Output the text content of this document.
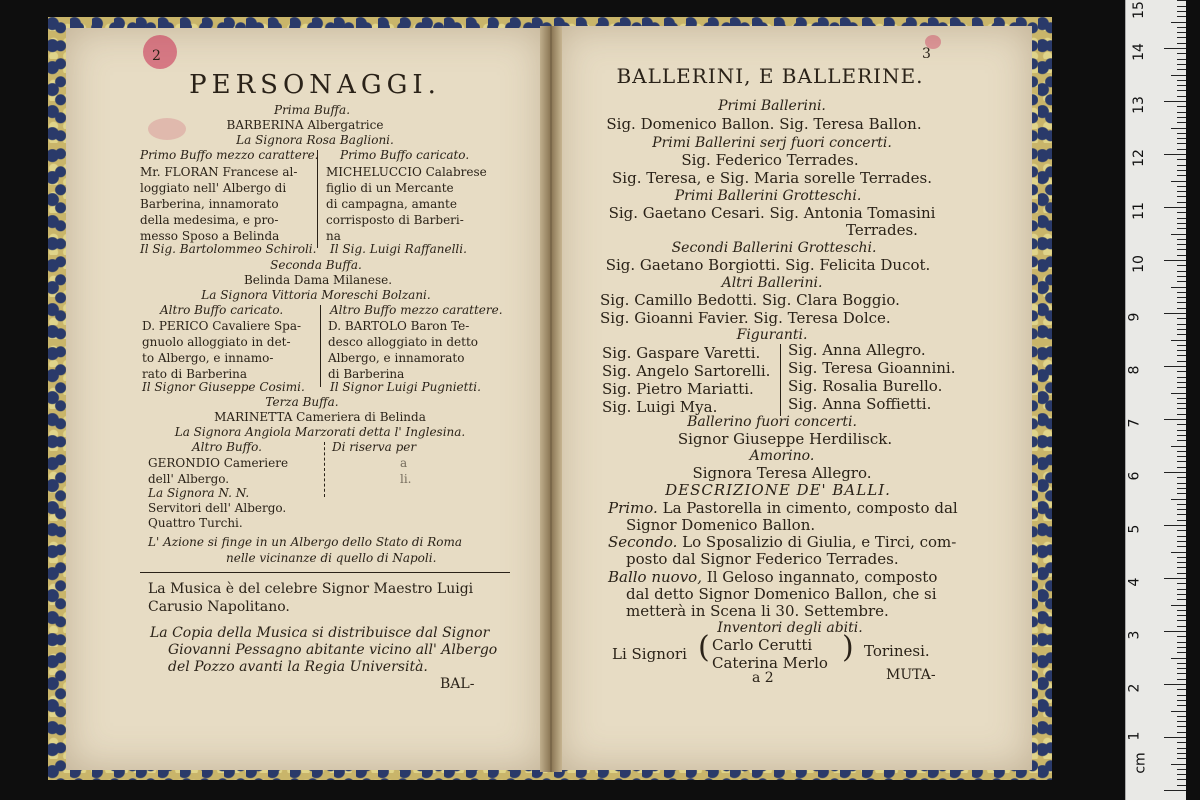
2
PERSONAGGI.
Prima Buffa.
BARBERINA Albergatrice
La Signora Rosa Baglioni.
Primo Buffo mezzo carattere.
Mr. FLORAN Francese al-
loggiato nell' Albergo di
Barberina, innamorato
della medesima, e pro-
messo Sposo a Belinda
Il Sig. Bartolommeo Schiroli.
Primo Buffo caricato.
MICHELUCCIO Calabrese
figlio di un Mercante
di campagna, amante
corrisposto di Barberi-
na
Il Sig. Luigi Raffanelli.
Seconda Buffa.
Belinda Dama Milanese.
La Signora Vittoria Moreschi Bolzani.
Altro Buffo caricato.
D. PERICO Cavaliere Spa-
gnuolo alloggiato in det-
to Albergo, e innamo-
rato di Barberina
Il Signor Giuseppe Cosimi.
Altro Buffo mezzo carattere.
D. BARTOLO Baron Te-
desco alloggiato in detto
Albergo, e innamorato
di Barberina
Il Signor Luigi Pugnietti.
Terza Buffa.
MARINETTA Cameriera di Belinda
La Signora Angiola Marzorati detta l' Inglesina.
Altro Buffo.
GERONDIO Cameriere
dell' Albergo.
La Signora N. N.
Di riserva per
a
li.
Servitori dell' Albergo.
Quattro Turchi.
L' Azione si finge in un Albergo dello Stato di Roma
nelle vicinanze di quello di Napoli.
La Musica è del celebre Signor Maestro Luigi
Carusio Napolitano.
La Copia della Musica si distribuisce dal Signor
Giovanni Pessagno abitante vicino all' Albergo
del Pozzo avanti la Regia Università.
BAL-
3
BALLERINI, E BALLERINE.
Primi Ballerini.
Sig. Domenico Ballon. Sig. Teresa Ballon.
Primi Ballerini serj fuori concerti.
Sig. Federico Terrades.
Sig. Teresa, e Sig. Maria sorelle Terrades.
Primi Ballerini Grotteschi.
Sig. Gaetano Cesari. Sig. Antonia Tomasini
Terrades.
Secondi Ballerini Grotteschi.
Sig. Gaetano Borgiotti. Sig. Felicita Ducot.
Altri Ballerini.
Sig. Camillo Bedotti. Sig. Clara Boggio.
Sig. Gioanni Favier. Sig. Teresa Dolce.
Figuranti.
Sig. Gaspare Varetti.
Sig. Angelo Sartorelli.
Sig. Pietro Mariatti.
Sig. Luigi Mya.
Sig. Anna Allegro.
Sig. Teresa Gioannini.
Sig. Rosalia Burello.
Sig. Anna Soffietti.
Ballerino fuori concerti.
Signor Giuseppe Herdilisck.
Amorino.
Signora Teresa Allegro.
DESCRIZIONE DE' BALLI.
Primo. La Pastorella in cimento, composto dal
Signor Domenico Ballon.
Secondo. Lo Sposalizio di Giulia, e Tirci, com-
posto dal Signor Federico Terrades.
Ballo nuovo, Il Geloso ingannato, composto
dal detto Signor Domenico Ballon, che si
metterà in Scena li 30. Settembre.
Inventori degli abiti.
Li Signori ( Carlo Cerutti
Caterina Merlo ) Torinesi.
a 2	MUTA-
cm
1
2
3
4
5
6
7
8
9
10
11
12
13
14
15
